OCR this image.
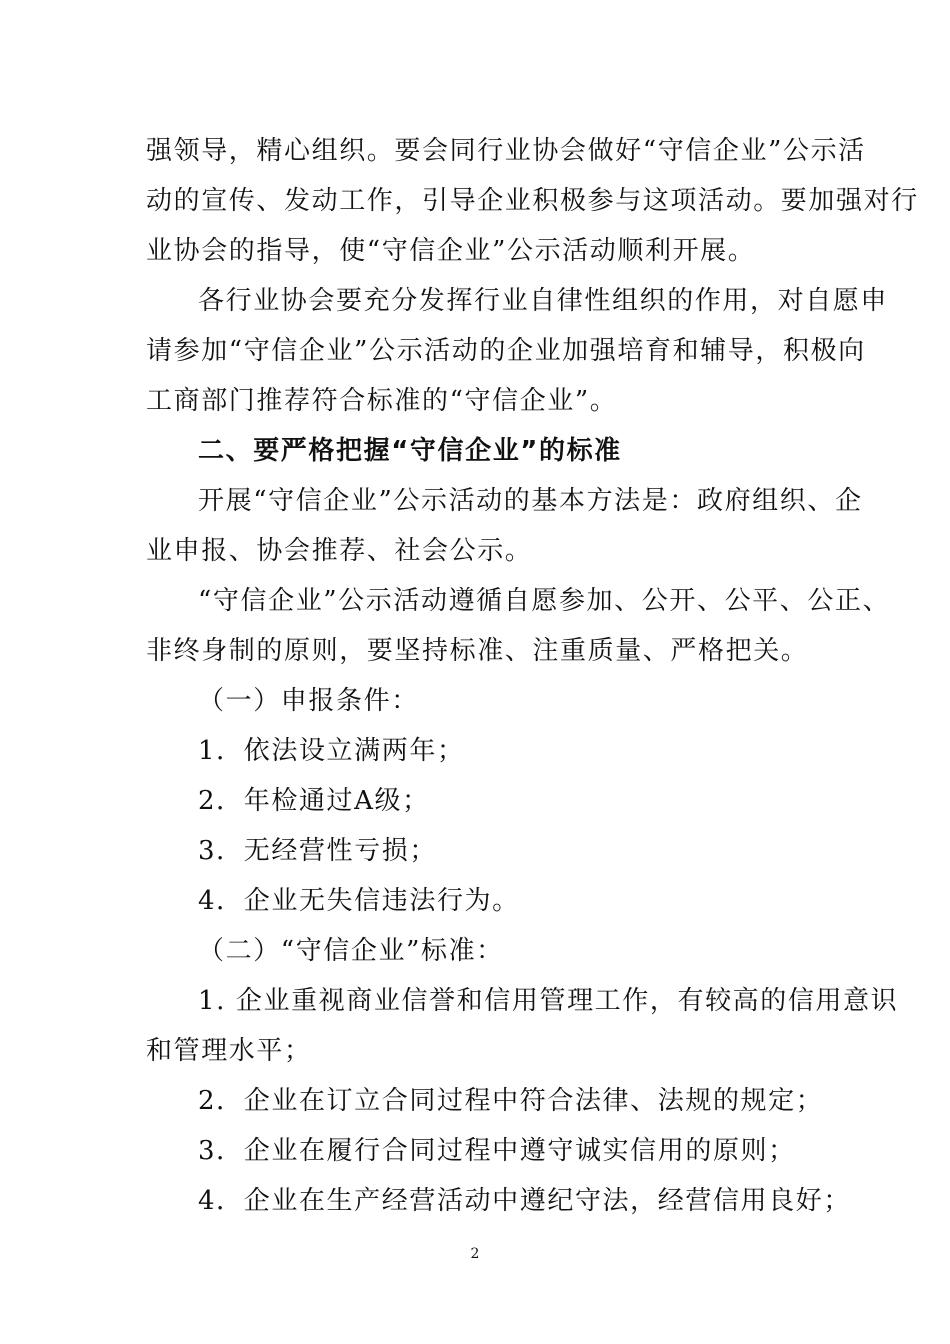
强领导，精心组织。要会同行业协会做好“守信企业”公示活
动的宣传、发动工作，引导企业积极参与这项活动。要加强对行
业协会的指导，使“守信企业”公示活动顺利开展。
各行业协会要充分发挥行业自律性组织的作用，对自愿申
请参加“守信企业”公示活动的企业加强培育和辅导，积极向
工商部门推荐符合标准的“守信企业”。
二、要严格把握“守信企业”的标准
开展“守信企业”公示活动的基本方法是：政府组织、企
业申报、协会推荐、社会公示。
“守信企业”公示活动遵循自愿参加、公开、公平、公正、
非终身制的原则，要坚持标准、注重质量、严格把关。
（一）申报条件：
1．依法设立满两年；
2．年检通过A级；
3．无经营性亏损；
4．企业无失信违法行为。
（二）“守信企业”标准：
1. 企业重视商业信誉和信用管理工作，有较高的信用意识
和管理水平；
2．企业在订立合同过程中符合法律、法规的规定；
3．企业在履行合同过程中遵守诚实信用的原则；
4．企业在生产经营活动中遵纪守法，经营信用良好；
2
